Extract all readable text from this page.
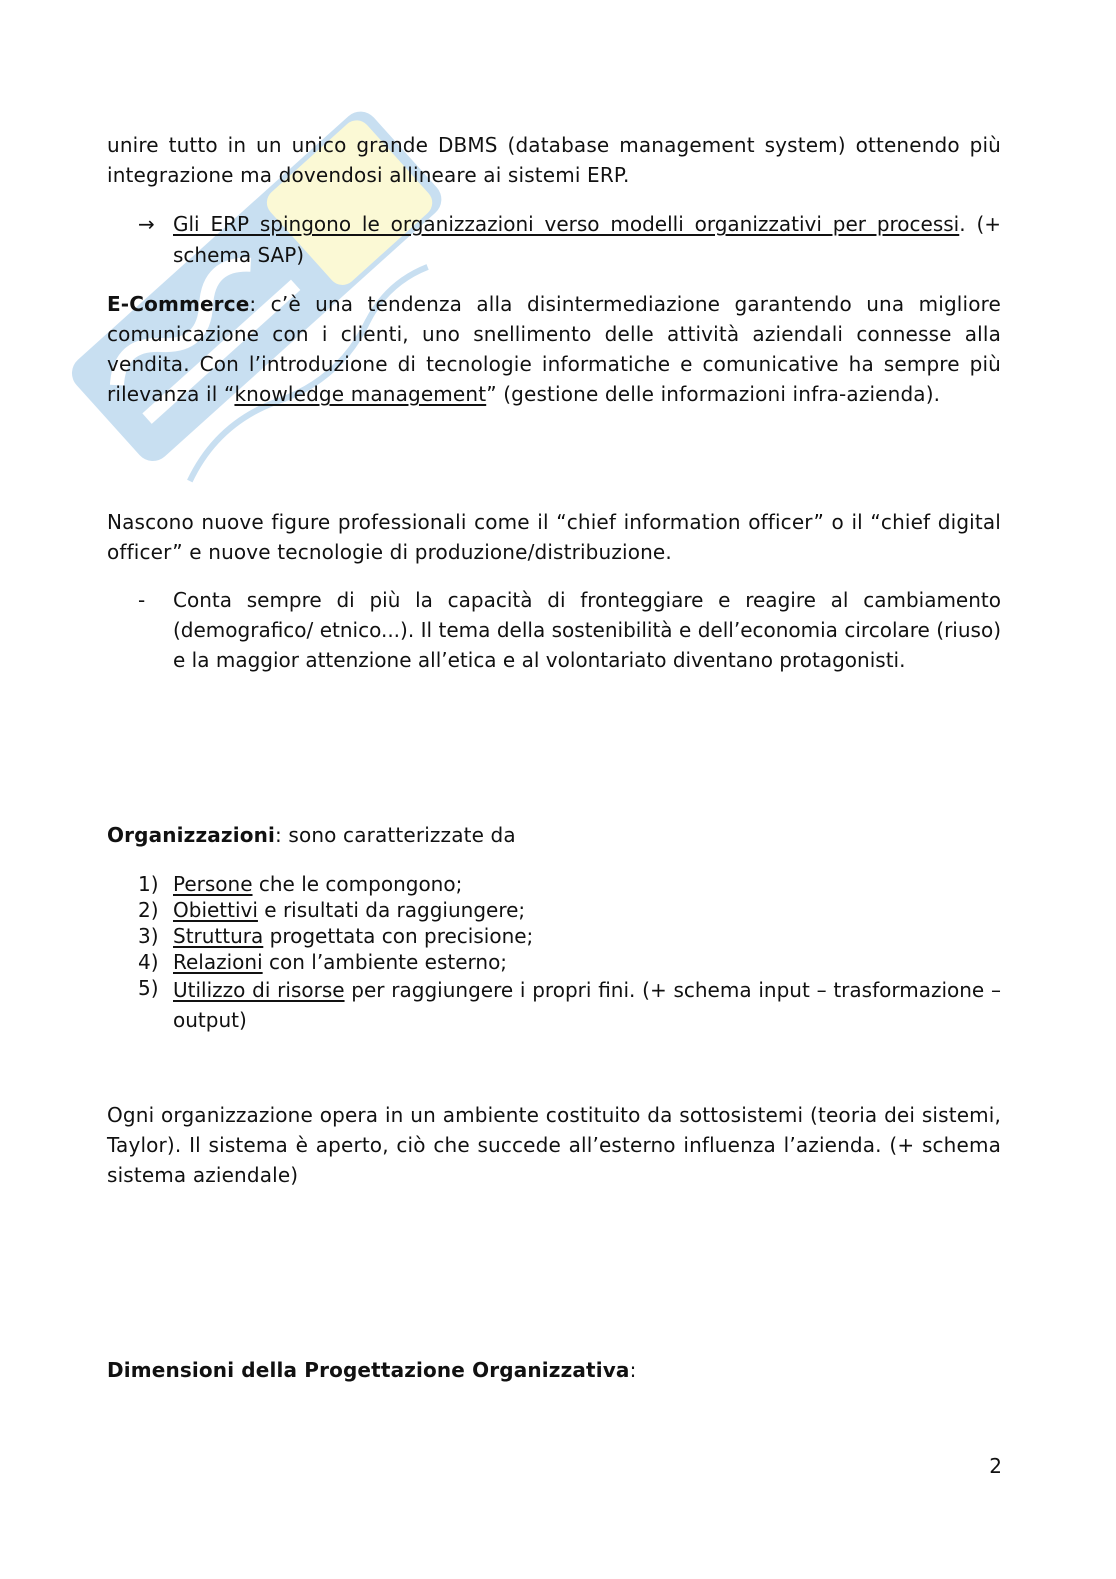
unire tutto in un unico grande DBMS (database management system) ottenendo più integrazione ma dovendosi allineare ai sistemi ERP.

→ Gli ERP spingono le organizzazioni verso modelli organizzativi per processi. (+ schema SAP)

E-Commerce: c’è una tendenza alla disintermediazione garantendo una migliore comunicazione con i clienti, uno snellimento delle attività aziendali connesse alla vendita. Con l’introduzione di tecnologie informatiche e comunicative ha sempre più rilevanza il “knowledge management” (gestione delle informazioni infra-azienda).

Nascono nuove figure professionali come il “chief information officer” o il “chief digital officer” e nuove tecnologie di produzione/distribuzione.

- Conta sempre di più la capacità di fronteggiare e reagire al cambiamento (demografico/ etnico...). Il tema della sostenibilità e dell’economia circolare (riuso) e la maggior attenzione all’etica e al volontariato diventano protagonisti.

Organizzazioni: sono caratterizzate da

1) Persone che le compongono;

2) Obiettivi e risultati da raggiungere;

3) Struttura progettata con precisione;

4) Relazioni con l’ambiente esterno;

5) Utilizzo di risorse per raggiungere i propri fini. (+ schema input – trasformazione – output)

Ogni organizzazione opera in un ambiente costituito da sottosistemi (teoria dei sistemi, Taylor). Il sistema è aperto, ciò che succede all’esterno influenza l’azienda. (+ schema sistema aziendale)

Dimensioni della Progettazione Organizzativa:

2
